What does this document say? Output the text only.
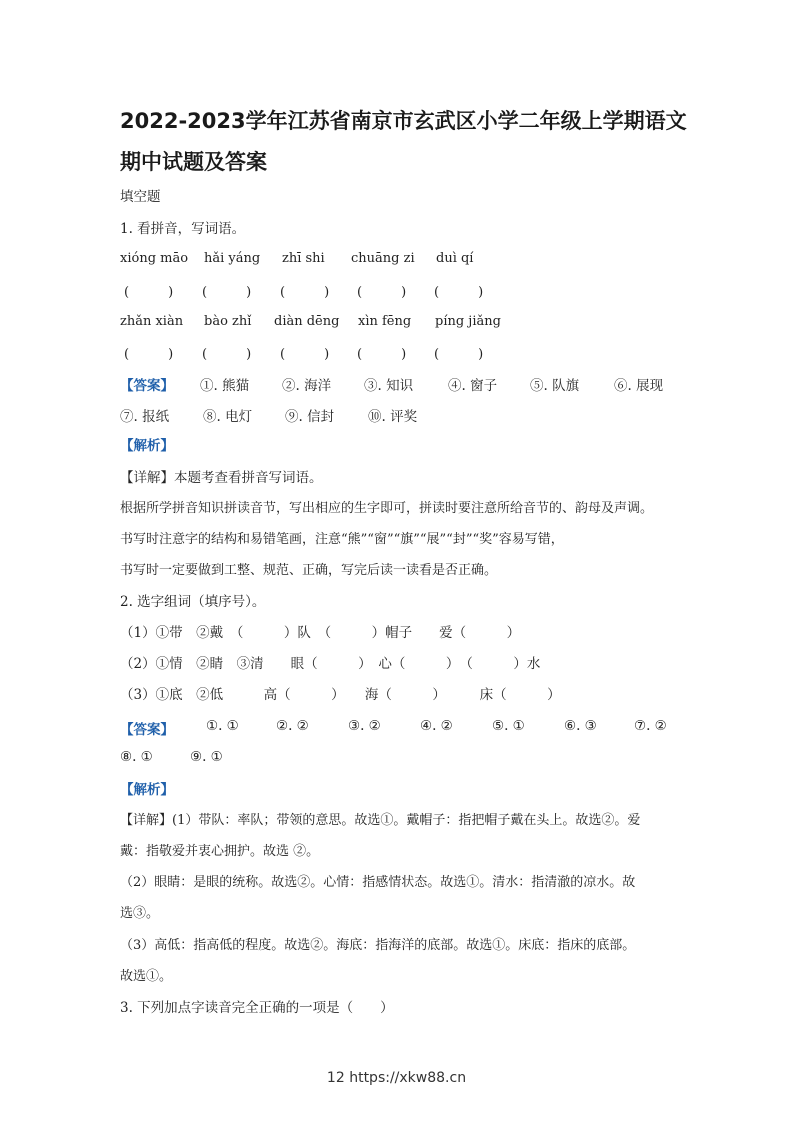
2022-2023学年江苏省南京市玄武区小学二年级上学期语文
期中试题及答案
填空题
1. 看拼音，写词语。
xióng māo hǎi yáng zhī shi chuāng zi duì qí
(　　　) (　　　) (　　　) (　　　) (　　　)
zhǎn xiàn bào zhǐ diàn dēng xìn fēng píng jiǎng
(　　　) (　　　) (　　　) (　　　) (　　　)
【答案】 ①. 熊猫 ②. 海洋 ③. 知识	④. 窗子 ⑤. 队旗	⑥. 展现
⑦. 报纸	⑧. 电灯 ⑨. 信封	⑩. 评奖
【解析】
【详解】本题考查看拼音写词语。
根据所学拼音知识拼读音节，写出相应的生字即可，拼读时要注意所给音节的、韵母及声调。
书写时注意字的结构和易错笔画，注意“熊”“窗”“旗”“展”“封”“奖”容易写错，
书写时一定要做到工整、规范、正确，写完后读一读看是否正确。
2. 选字组词（填序号）。
（1）①带　②戴　（　　　）队　（　　　）帽子　　爱（　　　）
（2）①情　②睛　③清　　眼（　　　）　心（　　　）　（　　　）水
（3）①底　②低　　　高（　　　）　　海（　　　）　　　床（　　　）
【答案】 ①. ①	②. ②	③. ②	④. ②	⑤. ①	⑥. ③	⑦. ②
⑧. ①	⑨. ①
【解析】
【详解】(1）带队：率队；带领的意思。故选①。戴帽子：指把帽子戴在头上。故选②。爱
戴：指敬爱并衷心拥护。故选 ②。
（2）眼睛：是眼的统称。故选②。心情：指感情状态。故选①。清水：指清澈的凉水。故
选③。
（3）高低：指高低的程度。故选②。海底：指海洋的底部。故选①。床底：指床的底部。
故选①。
3. 下列加点字读音完全正确的一项是（　　）
12 https://xkw88.cn
